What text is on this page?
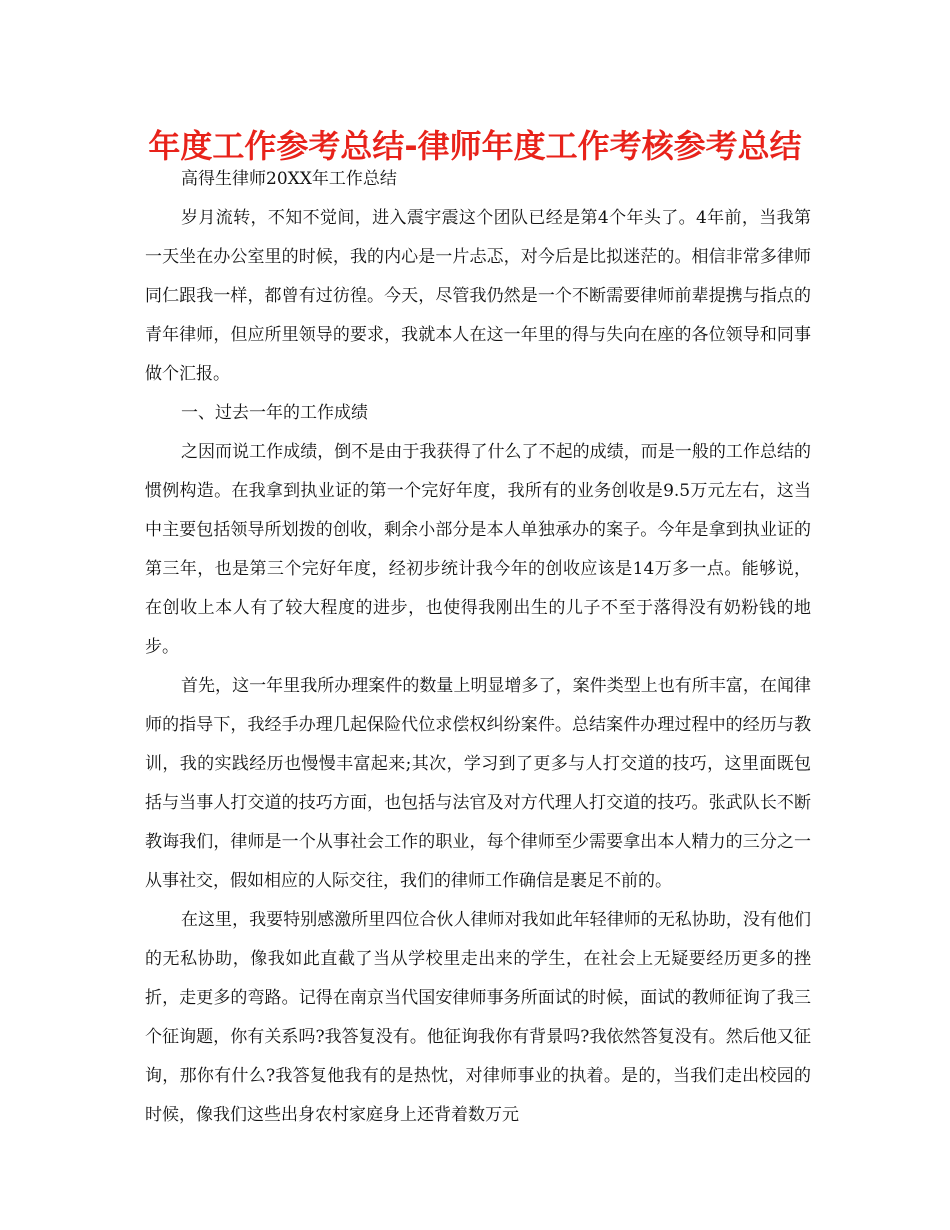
年度工作参考总结-律师年度工作考核参考总结

高得生律师20XX年工作总结

岁月流转，不知不觉间，进入震宇震这个团队已经是第4个年头了。4年前，当我第一天坐在办公室里的时候，我的内心是一片忐忑，对今后是比拟迷茫的。相信非常多律师同仁跟我一样，都曾有过彷徨。今天，尽管我仍然是一个不断需要律师前辈提携与指点的青年律师，但应所里领导的要求，我就本人在这一年里的得与失向在座的各位领导和同事做个汇报。

一、过去一年的工作成绩

之因而说工作成绩，倒不是由于我获得了什么了不起的成绩，而是一般的工作总结的惯例构造。在我拿到执业证的第一个完好年度，我所有的业务创收是9.5万元左右，这当中主要包括领导所划拨的创收，剩余小部分是本人单独承办的案子。今年是拿到执业证的第三年，也是第三个完好年度，经初步统计我今年的创收应该是14万多一点。能够说，在创收上本人有了较大程度的进步，也使得我刚出生的儿子不至于落得没有奶粉钱的地步。

首先，这一年里我所办理案件的数量上明显增多了，案件类型上也有所丰富，在闻律师的指导下，我经手办理几起保险代位求偿权纠纷案件。总结案件办理过程中的经历与教训，我的实践经历也慢慢丰富起来;其次，学习到了更多与人打交道的技巧，这里面既包括与当事人打交道的技巧方面，也包括与法官及对方代理人打交道的技巧。张武队长不断教诲我们，律师是一个从事社会工作的职业，每个律师至少需要拿出本人精力的三分之一从事社交，假如相应的人际交往，我们的律师工作确信是裹足不前的。

在这里，我要特别感激所里四位合伙人律师对我如此年轻律师的无私协助，没有他们的无私协助，像我如此直截了当从学校里走出来的学生，在社会上无疑要经历更多的挫折，走更多的弯路。记得在南京当代国安律师事务所面试的时候，面试的教师征询了我三个征询题，你有关系吗?我答复没有。他征询我你有背景吗?我依然答复没有。然后他又征询，那你有什么?我答复他我有的是热忱，对律师事业的执着。是的，当我们走出校园的时候，像我们这些出身农村家庭身上还背着数万元
